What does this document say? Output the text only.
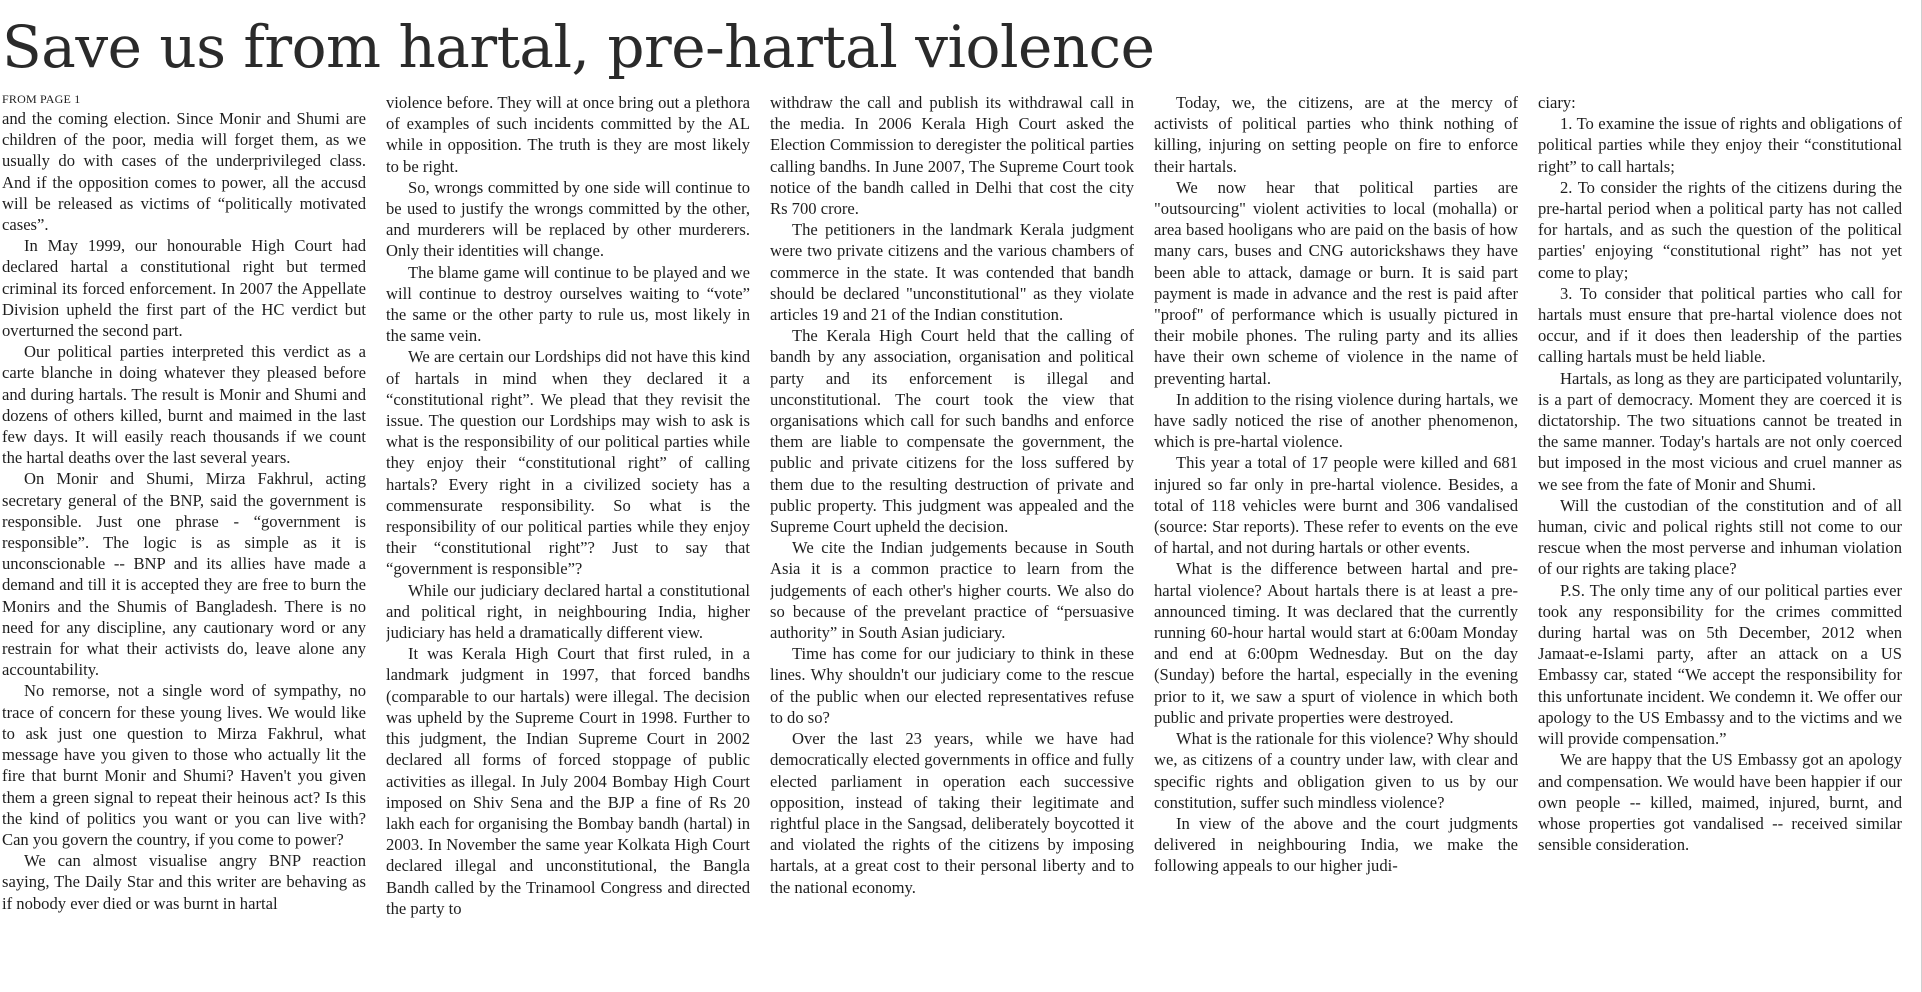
Save us from hartal, pre-hartal violence
FROM PAGE 1

and the coming election. Since Monir and Shumi are children of the poor, media will forget them, as we usually do with cases of the underprivileged class. And if the opposition comes to power, all the accusd will be released as victims of “politically motivated cases”.

In May 1999, our honourable High Court had declared hartal a constitutional right but termed criminal its forced enforcement. In 2007 the Appellate Division upheld the first part of the HC verdict but overturned the second part.

Our political parties interpreted this verdict as a carte blanche in doing whatever they pleased before and during hartals. The result is Monir and Shumi and dozens of others killed, burnt and maimed in the last few days. It will easily reach thousands if we count the hartal deaths over the last several years.

On Monir and Shumi, Mirza Fakhrul, acting secretary general of the BNP, said the government is responsible. Just one phrase - “government is responsible”. The logic is as simple as it is unconscionable -- BNP and its allies have made a demand and till it is accepted they are free to burn the Monirs and the Shumis of Bangladesh. There is no need for any discipline, any cautionary word or any restrain for what their activists do, leave alone any accountability.

No remorse, not a single word of sympathy, no trace of concern for these young lives. We would like to ask just one question to Mirza Fakhrul, what message have you given to those who actually lit the fire that burnt Monir and Shumi? Haven't you given them a green signal to repeat their heinous act? Is this the kind of politics you want or you can live with? Can you govern the country, if you come to power?

We can almost visualise angry BNP reaction saying, The Daily Star and this writer are behaving as if nobody ever died or was burnt in hartal

violence before. They will at once bring out a plethora of examples of such incidents committed by the AL while in opposition. The truth is they are most likely to be right.

So, wrongs committed by one side will continue to be used to justify the wrongs committed by the other, and murderers will be replaced by other murderers. Only their identities will change.

The blame game will continue to be played and we will continue to destroy ourselves waiting to “vote” the same or the other party to rule us, most likely in the same vein.

We are certain our Lordships did not have this kind of hartals in mind when they declared it a “constitutional right”. We plead that they revisit the issue. The question our Lordships may wish to ask is what is the responsibility of our political parties while they enjoy their “constitutional right” of calling hartals? Every right in a civilized society has a commensurate responsibility. So what is the responsibility of our political parties while they enjoy their “constitutional right”? Just to say that “government is responsible”?

While our judiciary declared hartal a constitutional and political right, in neighbouring India, higher judiciary has held a dramatically different view.

It was Kerala High Court that first ruled, in a landmark judgment in 1997, that forced bandhs (comparable to our hartals) were illegal. The decision was upheld by the Supreme Court in 1998. Further to this judgment, the Indian Supreme Court in 2002 declared all forms of forced stoppage of public activities as illegal. In July 2004 Bombay High Court imposed on Shiv Sena and the BJP a fine of Rs 20 lakh each for organising the Bombay bandh (hartal) in 2003. In November the same year Kolkata High Court declared illegal and unconstitutional, the Bangla Bandh called by the Trinamool Congress and directed the party to

withdraw the call and publish its withdrawal call in the media. In 2006 Kerala High Court asked the Election Commission to deregister the political parties calling bandhs. In June 2007, The Supreme Court took notice of the bandh called in Delhi that cost the city Rs 700 crore.

The petitioners in the landmark Kerala judgment were two private citizens and the various chambers of commerce in the state. It was contended that bandh should be declared "unconstitutional" as they violate articles 19 and 21 of the Indian constitution.

The Kerala High Court held that the calling of bandh by any association, organisation and political party and its enforcement is illegal and unconstitutional. The court took the view that organisations which call for such bandhs and enforce them are liable to compensate the government, the public and private citizens for the loss suffered by them due to the resulting destruction of private and public property. This judgment was appealed and the Supreme Court upheld the decision.

We cite the Indian judgements because in South Asia it is a common practice to learn from the judgements of each other's higher courts. We also do so because of the prevelant practice of “persuasive authority” in South Asian judiciary.

Time has come for our judiciary to think in these lines. Why shouldn't our judiciary come to the rescue of the public when our elected representatives refuse to do so?

Over the last 23 years, while we have had democratically elected governments in office and fully elected parliament in operation each successive opposition, instead of taking their legitimate and rightful place in the Sangsad, deliberately boycotted it and violated the rights of the citizens by imposing hartals, at a great cost to their personal liberty and to the national economy.

Today, we, the citizens, are at the mercy of activists of political parties who think nothing of killing, injuring on setting people on fire to enforce their hartals.

We now hear that political parties are "outsourcing" violent activities to local (mohalla) or area based hooligans who are paid on the basis of how many cars, buses and CNG autorickshaws they have been able to attack, damage or burn. It is said part payment is made in advance and the rest is paid after "proof" of performance which is usually pictured in their mobile phones. The ruling party and its allies have their own scheme of violence in the name of preventing hartal.

In addition to the rising violence during hartals, we have sadly noticed the rise of another phenomenon, which is pre-hartal violence.

This year a total of 17 people were killed and 681 injured so far only in pre-hartal violence. Besides, a total of 118 vehicles were burnt and 306 vandalised (source: Star reports). These refer to events on the eve of hartal, and not during hartals or other events.

What is the difference between hartal and pre-hartal violence? About hartals there is at least a pre-announced timing. It was declared that the currently running 60-hour hartal would start at 6:00am Monday and end at 6:00pm Wednesday. But on the day (Sunday) before the hartal, especially in the evening prior to it, we saw a spurt of violence in which both public and private properties were destroyed.

What is the rationale for this violence? Why should we, as citizens of a country under law, with clear and specific rights and obligation given to us by our constitution, suffer such mindless violence?

In view of the above and the court judgments delivered in neighbouring India, we make the following appeals to our higher judi-

ciary:

1. To examine the issue of rights and obligations of political parties while they enjoy their “constitutional right” to call hartals;

2. To consider the rights of the citizens during the pre-hartal period when a political party has not called for hartals, and as such the question of the political parties' enjoying “constitutional right” has not yet come to play;

3. To consider that political parties who call for hartals must ensure that pre-hartal violence does not occur, and if it does then leadership of the parties calling hartals must be held liable.

Hartals, as long as they are participated voluntarily, is a part of democracy. Moment they are coerced it is dictatorship. The two situations cannot be treated in the same manner. Today's hartals are not only coerced but imposed in the most vicious and cruel manner as we see from the fate of Monir and Shumi.

Will the custodian of the constitution and of all human, civic and polical rights still not come to our rescue when the most perverse and inhuman violation of our rights are taking place?

P.S. The only time any of our political parties ever took any responsibility for the crimes committed during hartal was on 5th December, 2012 when Jamaat-e-Islami party, after an attack on a US Embassy car, stated “We accept the responsibility for this unfortunate incident. We condemn it. We offer our apology to the US Embassy and to the victims and we will provide compensation.”

We are happy that the US Embassy got an apology and compensation. We would have been happier if our own people -- killed, maimed, injured, burnt, and whose properties got vandalised -- received similar sensible consideration.
